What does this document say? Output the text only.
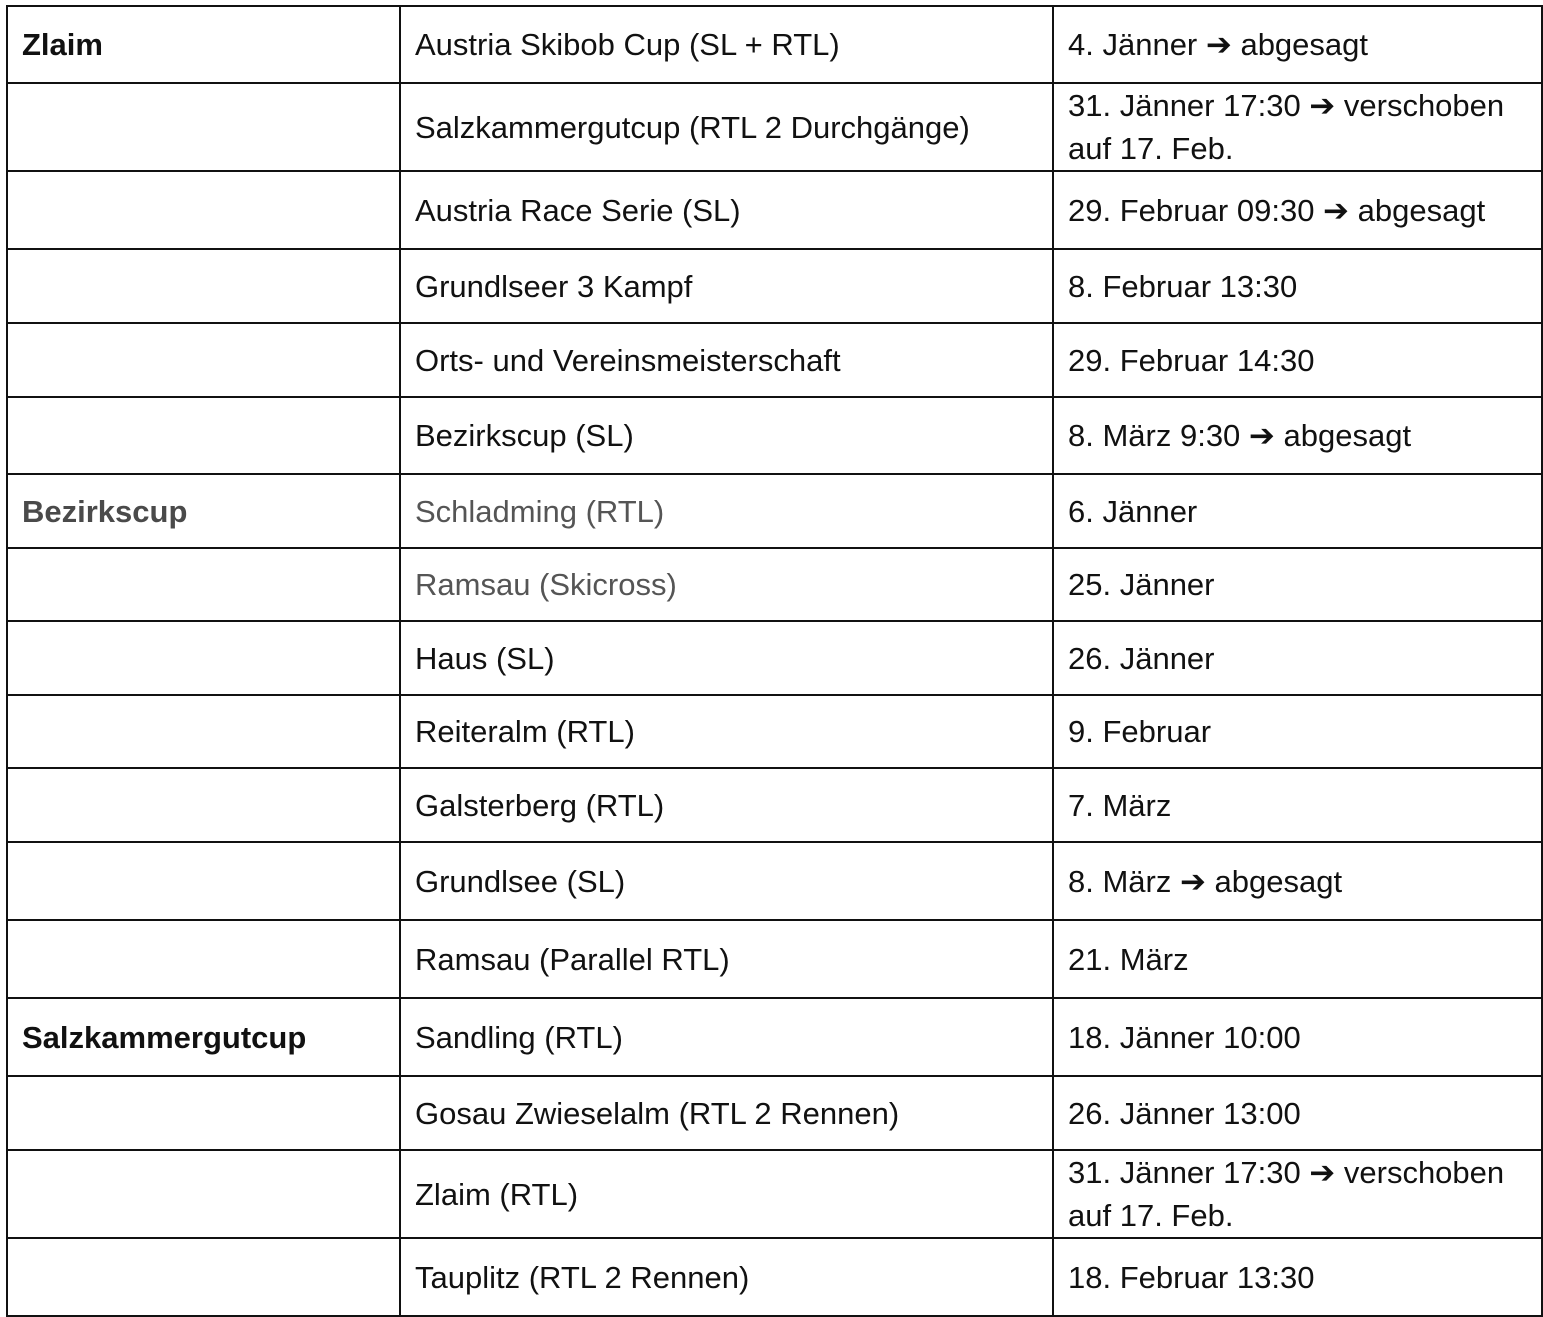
Zlaim	Austria Skibob Cup (SL + RTL)	4. Jänner ➔ abgesagt
	Salzkammergutcup (RTL 2 Durchgänge)	31. Jänner 17:30 ➔ verschoben auf 17. Feb.
	Austria Race Serie (SL)	29. Februar 09:30 ➔ abgesagt
	Grundlseer 3 Kampf	8. Februar 13:30
	Orts- und Vereinsmeisterschaft	29. Februar 14:30
	Bezirkscup (SL)	8. März 9:30 ➔ abgesagt
Bezirkscup	Schladming (RTL)	6. Jänner
	Ramsau (Skicross)	25. Jänner
	Haus (SL)	26. Jänner
	Reiteralm (RTL)	9. Februar
	Galsterberg (RTL)	7. März
	Grundlsee (SL)	8. März ➔ abgesagt
	Ramsau (Parallel RTL)	21. März
Salzkammergutcup	Sandling (RTL)	18. Jänner 10:00
	Gosau Zwieselalm (RTL 2 Rennen)	26. Jänner 13:00
	Zlaim (RTL)	31. Jänner 17:30 ➔ verschoben auf 17. Feb.
	Tauplitz (RTL 2 Rennen)	18. Februar 13:30
